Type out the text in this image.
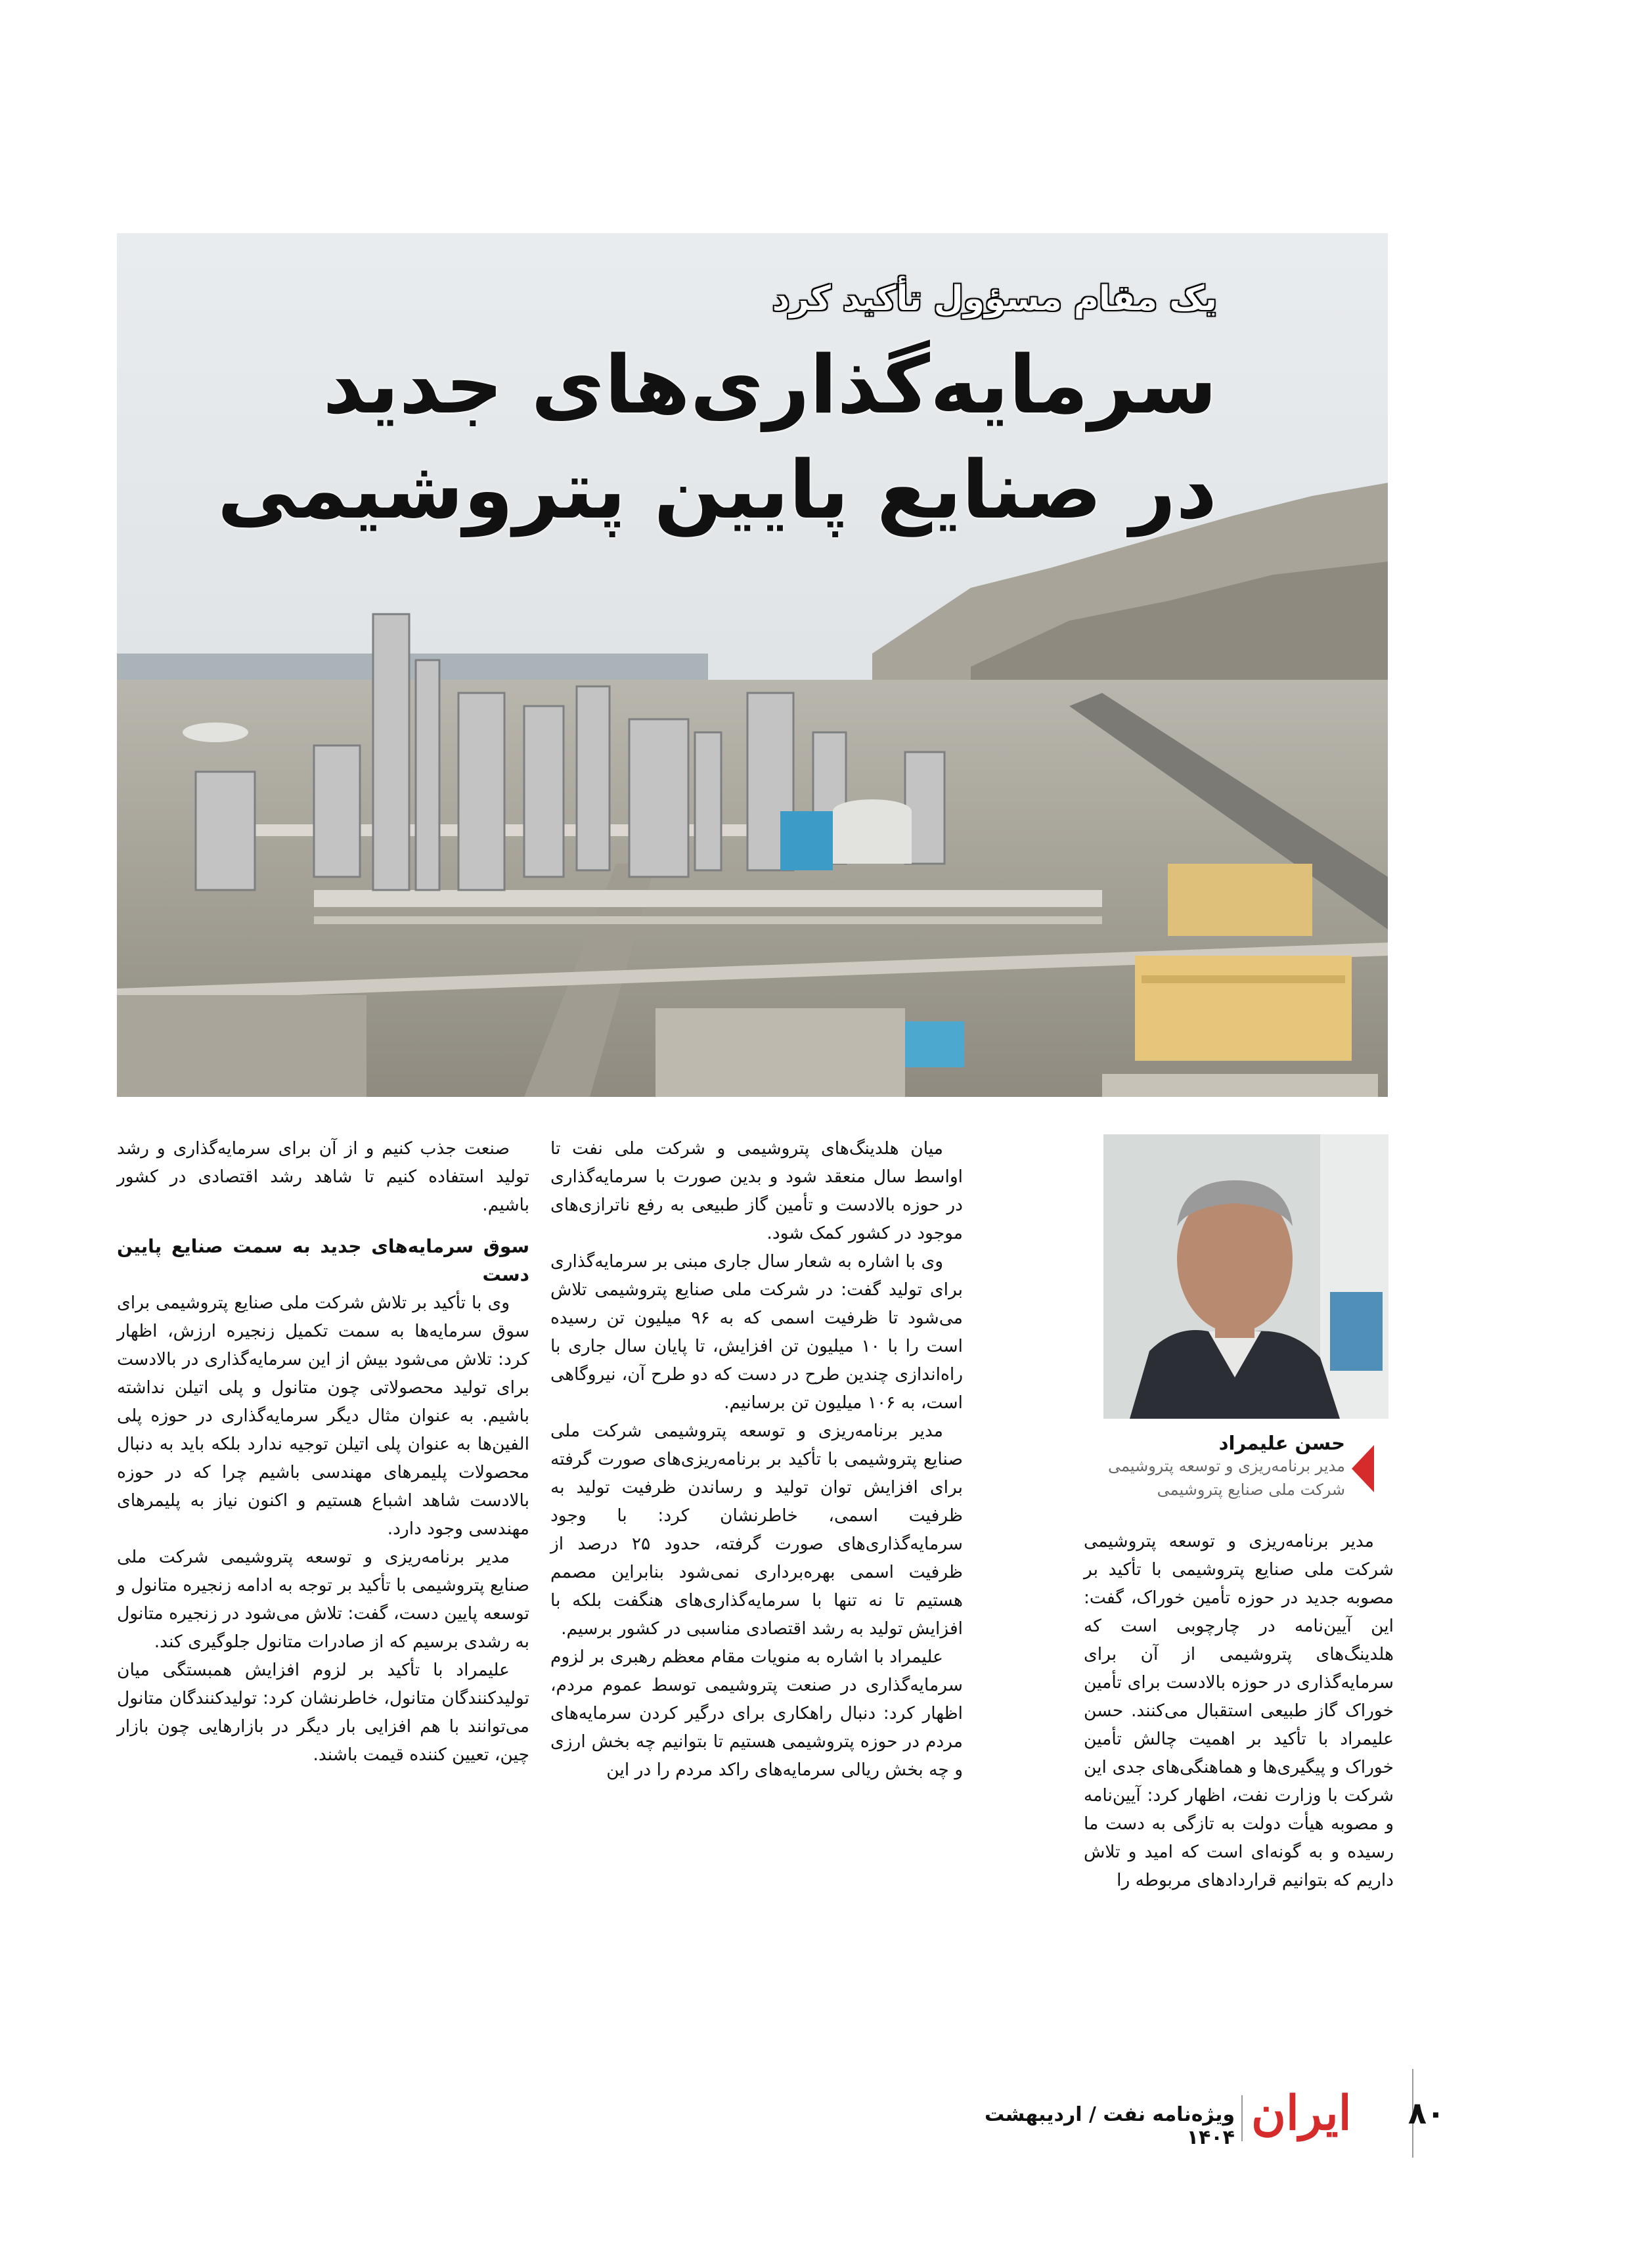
یک مقام مسؤول تأکید کرد
سرمایه‌گذاری‌های جدید
در صنایع پایین پتروشیمی
حسن علیمراد
مدیر برنامه‌ریزی و توسعه پتروشیمی
شرکت ملی صنایع پتروشیمی

مدیر برنامه‌ریزی و توسعه پتروشیمی شرکت ملی صنایع پتروشیمی با تأکید بر مصوبه جدید در حوزه تأمین خوراک، گفت: این آیین‌نامه در چارچوبی است که هلدینگ‌های پتروشیمی از آن برای سرمایه‌گذاری در حوزه بالادست برای تأمین خوراک گاز طبیعی استقبال می‌کنند. حسن علیمراد با تأکید بر اهمیت چالش تأمین خوراک و پیگیری‌ها و هماهنگی‌های جدی این شرکت با وزارت نفت، اظهار کرد: آیین‌نامه و مصوبه هیأت دولت به تازگی به دست ما رسیده و به گونه‌ای است که امید و تلاش داریم که بتوانیم قراردادهای مربوطه را

میان هلدینگ‌های پتروشیمی و شرکت ملی نفت تا اواسط سال منعقد شود و بدین صورت با سرمایه‌گذاری در حوزه بالادست و تأمین گاز طبیعی به رفع ناترازی‌های موجود در کشور کمک شود.

وی با اشاره به شعار سال جاری مبنی بر سرمایه‌گذاری برای تولید گفت: در شرکت ملی صنایع پتروشیمی تلاش می‌شود تا ظرفیت اسمی که به ۹۶ میلیون تن رسیده است را با ۱۰ میلیون تن افزایش، تا پایان سال جاری با راه‌اندازی چندین طرح در دست که دو طرح آن، نیروگاهی است، به ۱۰۶ میلیون تن برسانیم.

مدیر برنامه‌ریزی و توسعه پتروشیمی شرکت ملی صنایع پتروشیمی با تأکید بر برنامه‌ریزی‌های صورت گرفته برای افزایش توان تولید و رساندن ظرفیت تولید به ظرفیت اسمی، خاطرنشان کرد: با وجود سرمایه‌گذاری‌های صورت گرفته، حدود ۲۵ درصد از ظرفیت اسمی بهره‌برداری نمی‌شود بنابراین مصمم هستیم تا نه تنها با سرمایه‌گذاری‌های هنگفت بلکه با افزایش تولید به رشد اقتصادی مناسبی در کشور برسیم.

علیمراد با اشاره به منویات مقام معظم رهبری بر لزوم سرمایه‌گذاری در صنعت پتروشیمی توسط عموم مردم، اظهار کرد: دنبال راهکاری برای درگیر کردن سرمایه‌های مردم در حوزه پتروشیمی هستیم تا بتوانیم چه بخش ارزی و چه بخش ریالی سرمایه‌های راکد مردم را در این

صنعت جذب کنیم و از آن برای سرمایه‌گذاری و رشد تولید استفاده کنیم تا شاهد رشد اقتصادی در کشور باشیم.

سوق سرمایه‌های جدید به سمت صنایع پایین دست

وی با تأکید بر تلاش شرکت ملی صنایع پتروشیمی برای سوق سرمایه‌ها به سمت تکمیل زنجیره ارزش، اظهار کرد: تلاش می‌شود بیش از این سرمایه‌گذاری در بالادست برای تولید محصولاتی چون متانول و پلی اتیلن نداشته باشیم. به عنوان مثال دیگر سرمایه‌گذاری در حوزه پلی الفین‌ها به عنوان پلی اتیلن توجیه ندارد بلکه باید به دنبال محصولات پلیمرهای مهندسی باشیم چرا که در حوزه بالادست شاهد اشباع هستیم و اکنون نیاز به پلیمرهای مهندسی وجود دارد.

مدیر برنامه‌ریزی و توسعه پتروشیمی شرکت ملی صنایع پتروشیمی با تأکید بر توجه به ادامه زنجیره متانول و توسعه پایین دست، گفت: تلاش می‌شود در زنجیره متانول به رشدی برسیم که از صادرات متانول جلوگیری کند.

علیمراد با تأکید بر لزوم افزایش همبستگی میان تولیدکنندگان متانول، خاطرنشان کرد: تولیدکنندگان متانول می‌توانند با هم افزایی بار دیگر در بازارهایی چون بازار چین، تعیین کننده قیمت باشند.

۸۰
ایران
ویژه‌نامه نفت / اردیبهشت ۱۴۰۴
